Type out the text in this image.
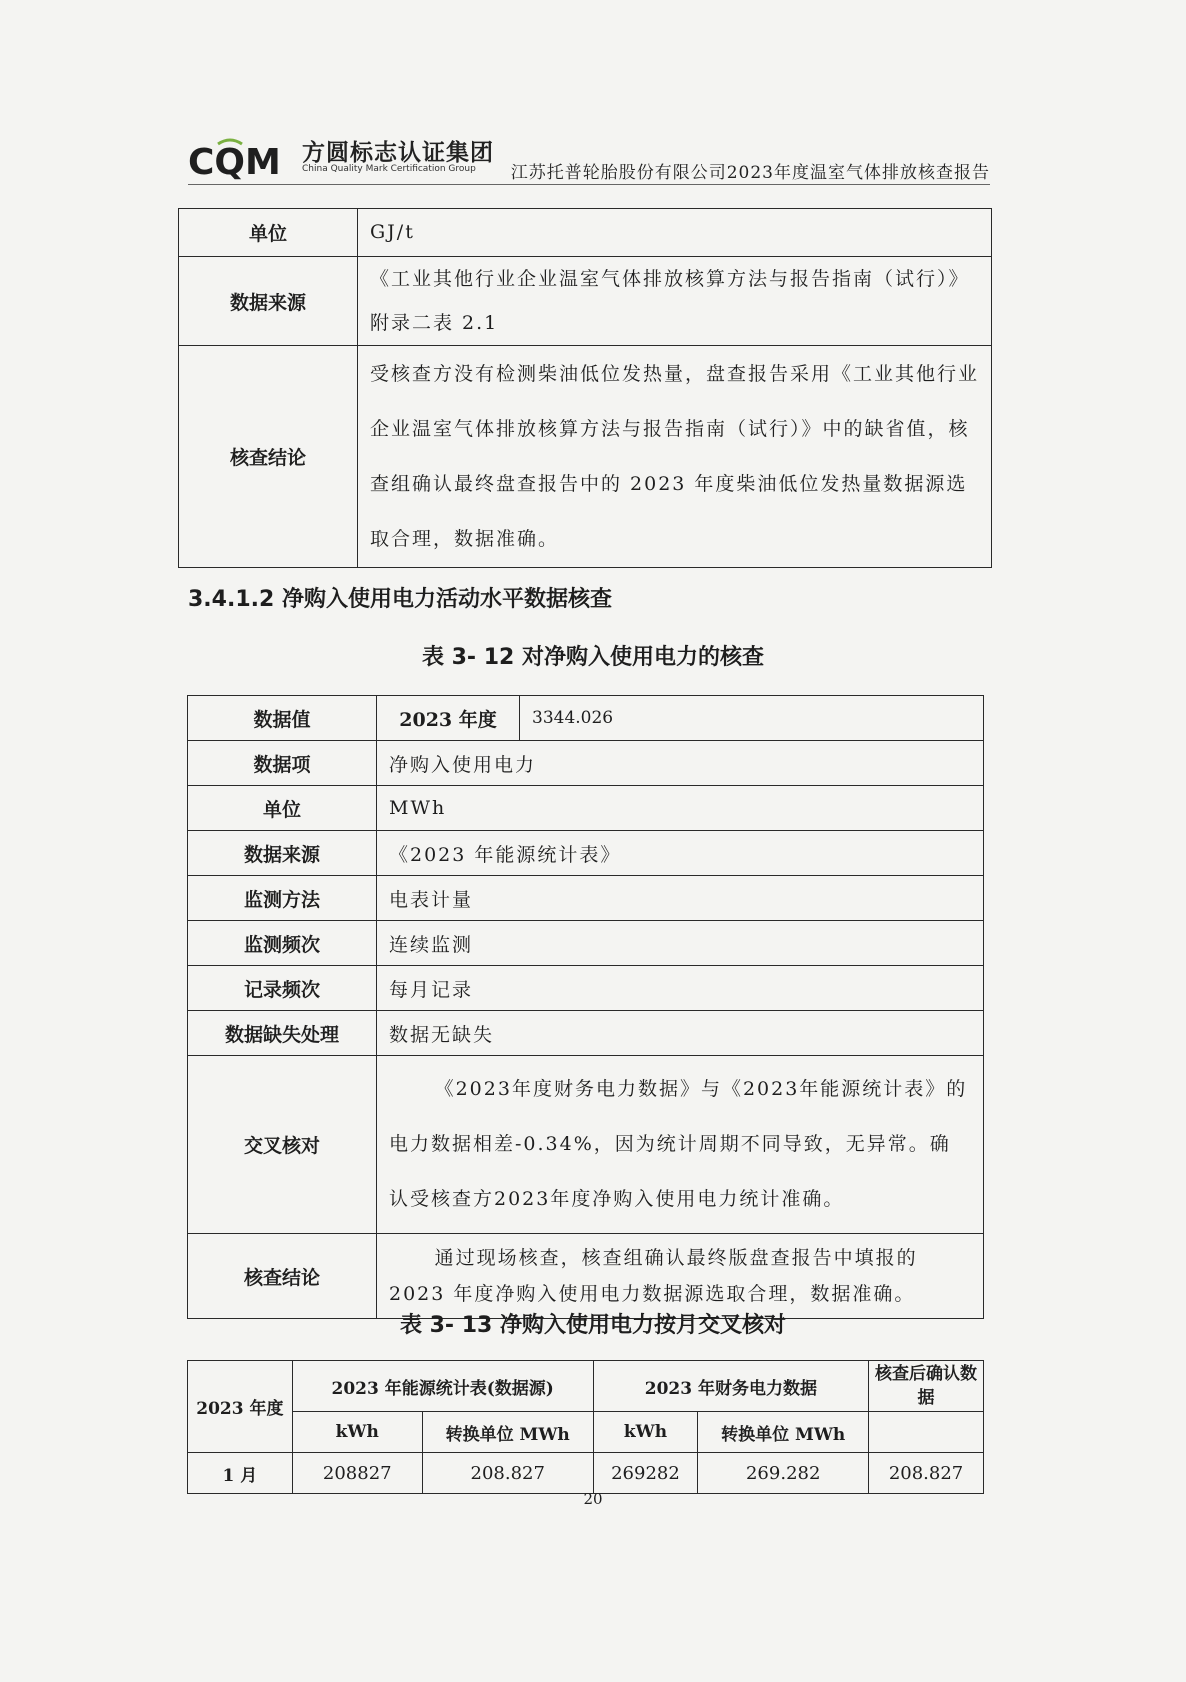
CQM 方圆标志认证集团
China Quality Mark Certification Group 江苏托普轮胎股份有限公司2023年度温室气体排放核查报告
单位	GJ/t
数据来源	《工业其他行业企业温室气体排放核算方法与报告指南（试行）》附录二表 2.1
核查结论	受核查方没有检测柴油低位发热量，盘查报告采用《工业其他行业企业温室气体排放核算方法与报告指南（试行）》中的缺省值，核查组确认最终盘查报告中的 2023 年度柴油低位发热量数据源选取合理，数据准确。
3.4.1.2 净购入使用电力活动水平数据核查
表 3- 12 对净购入使用电力的核查
数据值	2023 年度	3344.026
数据项	净购入使用电力	
单位	MWh	
数据来源	《2023 年能源统计表》	
监测方法	电表计量	
监测频次	连续监测	
记录频次	每月记录	
数据缺失处理	数据无缺失	
交叉核对	《2023年度财务电力数据》与《2023年能源统计表》的电力数据相差-0.34%，因为统计周期不同导致，无异常。确认受核查方2023年度净购入使用电力统计准确。	

核查结论	通过现场核查，核查组确认最终版盘查报告中填报的 2023 年度净购入使用电力数据源选取合理，数据准确。	
表 3- 13 净购入使用电力按月交叉核对
2023 年度	2023 年能源统计表(数据源)		2023 年财务电力数据		核查后确认数据
	kWh	转换单位 MWh	kWh	转换单位 MWh	
1 月	208827	208.827	269282	269.282	208.827
20
